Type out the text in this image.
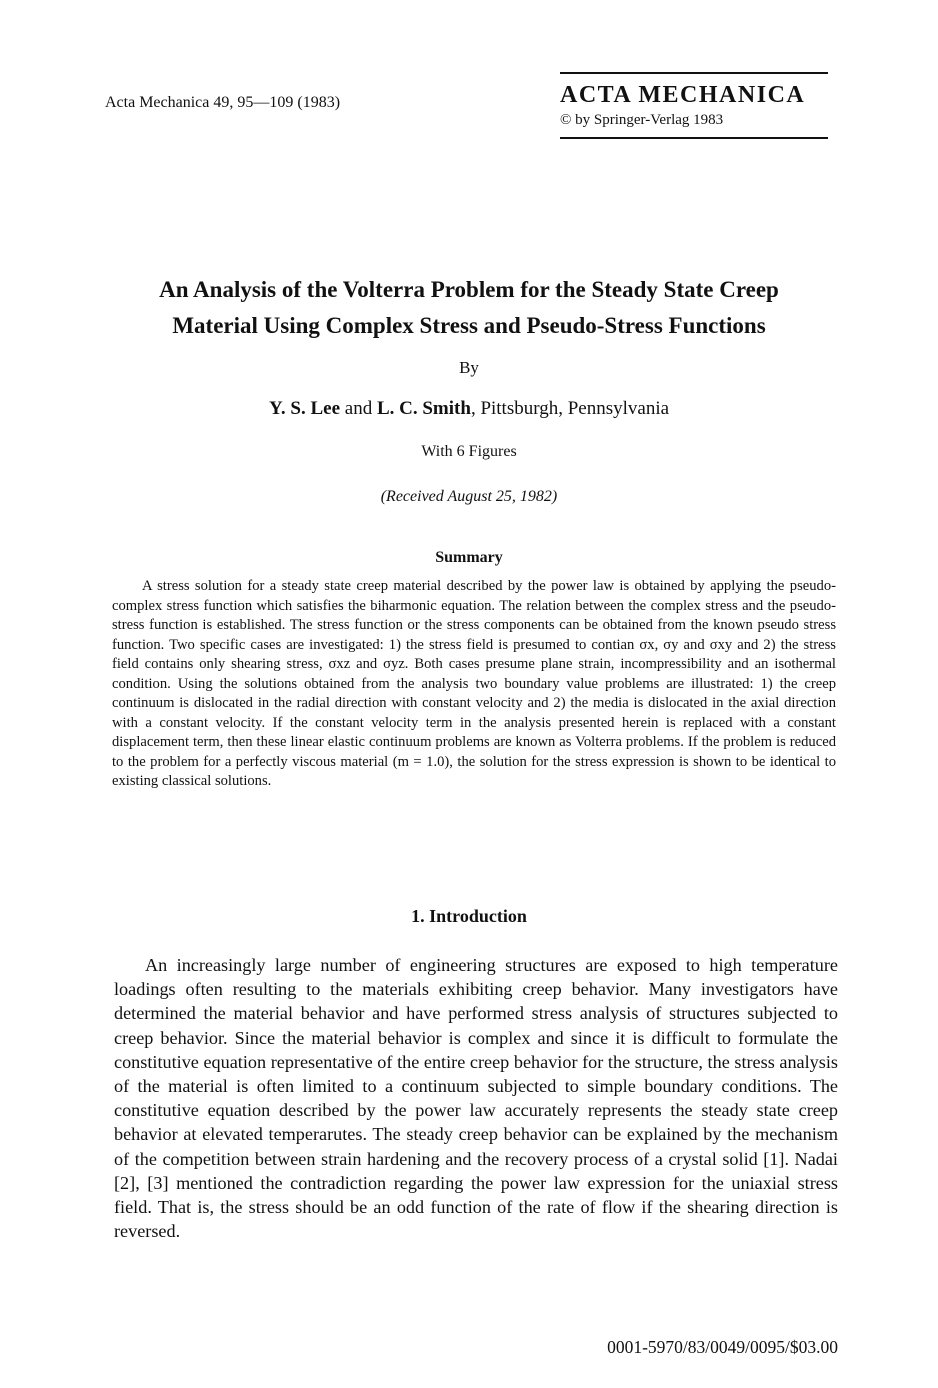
Acta Mechanica 49, 95—109 (1983)	ACTA MECHANICA
© by Springer-Verlag 1983
An Analysis of the Volterra Problem for the Steady State Creep
Material Using Complex Stress and Pseudo-Stress Functions
By
Y. S. Lee and L. C. Smith, Pittsburgh, Pennsylvania
With 6 Figures
(Received August 25, 1982)
Summary
A stress solution for a steady state creep material described by the power law is obtained by applying the pseudo-complex stress function which satisfies the biharmonic equation. The relation between the complex stress and the pseudo-stress function is established. The stress function or the stress components can be obtained from the known pseudo stress function. Two specific cases are investigated: 1) the stress field is presumed to contian σx, σy and σxy and 2) the stress field contains only shearing stress, σxz and σyz. Both cases presume plane strain, incompressibility and an isothermal condition. Using the solutions obtained from the analysis two boundary value problems are illustrated: 1) the creep continuum is dislocated in the radial direction with constant velocity and 2) the media is dislocated in the axial direction with a constant velocity. If the constant velocity term in the analysis presented herein is replaced with a constant displacement term, then these linear elastic continuum problems are known as Volterra problems. If the problem is reduced to the problem for a perfectly viscous material (m = 1.0), the solution for the stress expression is shown to be identical to existing classical solutions.
1. Introduction
An increasingly large number of engineering structures are exposed to high temperature loadings often resulting to the materials exhibiting creep behavior. Many investigators have determined the material behavior and have performed stress analysis of structures subjected to creep behavior. Since the material behavior is complex and since it is difficult to formulate the constitutive equation representative of the entire creep behavior for the structure, the stress analysis of the material is often limited to a continuum subjected to simple boundary conditions. The constitutive equation described by the power law accurately represents the steady state creep behavior at elevated temperarutes. The steady creep behavior can be explained by the mechanism of the competition between strain hardening and the recovery process of a crystal solid [1]. Nadai [2], [3] mentioned the contradiction regarding the power law expression for the uniaxial stress field. That is, the stress should be an odd function of the rate of flow if the shearing direction is reversed.
0001-5970/83/0049/0095/$03.00
